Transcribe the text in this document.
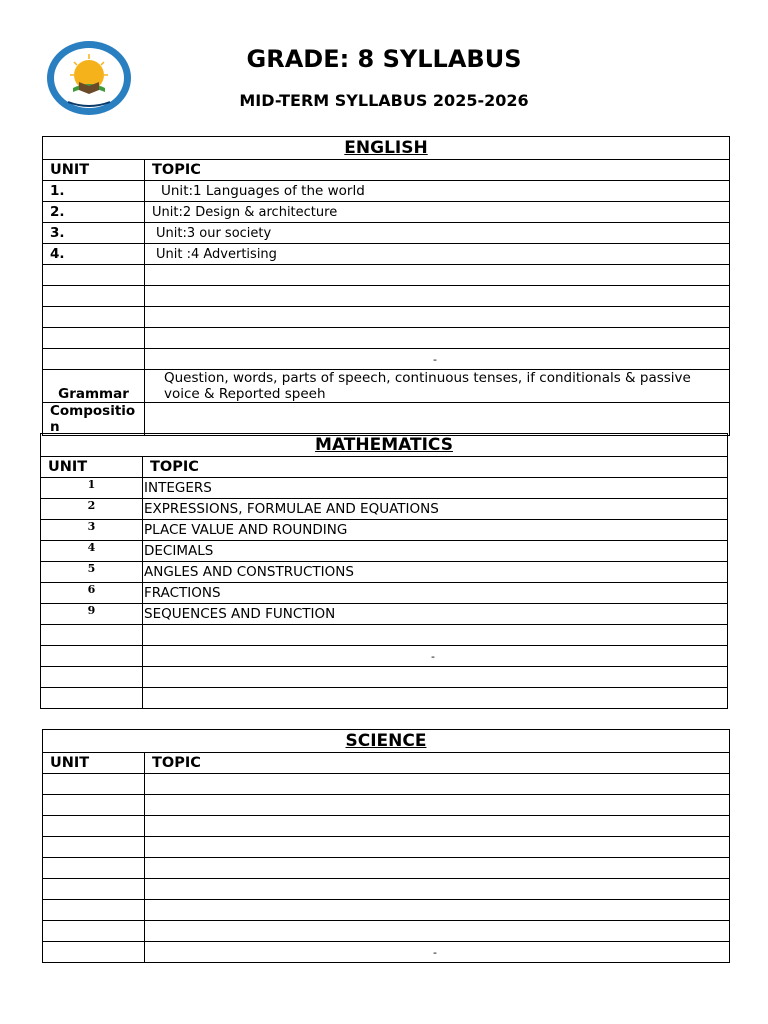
GRADE: 8 SYLLABUS
MID-TERM SYLLABUS 2025-2026
ENGLISH	
UNIT	TOPIC
1.	Unit:1 Languages of the world
2.	Unit:2 Design & architecture
3.	Unit:3 our society
4.	Unit :4 Advertising

	-
Grammar	Question, words, parts of speech, continuous tenses, if conditionals & passive voice & Reported speeh
Composition	
MATHEMATICS	
UNIT	TOPIC
1	INTEGERS
2	EXPRESSIONS, FORMULAE AND EQUATIONS
3	PLACE VALUE AND ROUNDING
4	DECIMALS
5	ANGLES AND CONSTRUCTIONS
6	FRACTIONS
9	SEQUENCES AND FUNCTION

	-

SCIENCE	
UNIT	TOPIC

	-
